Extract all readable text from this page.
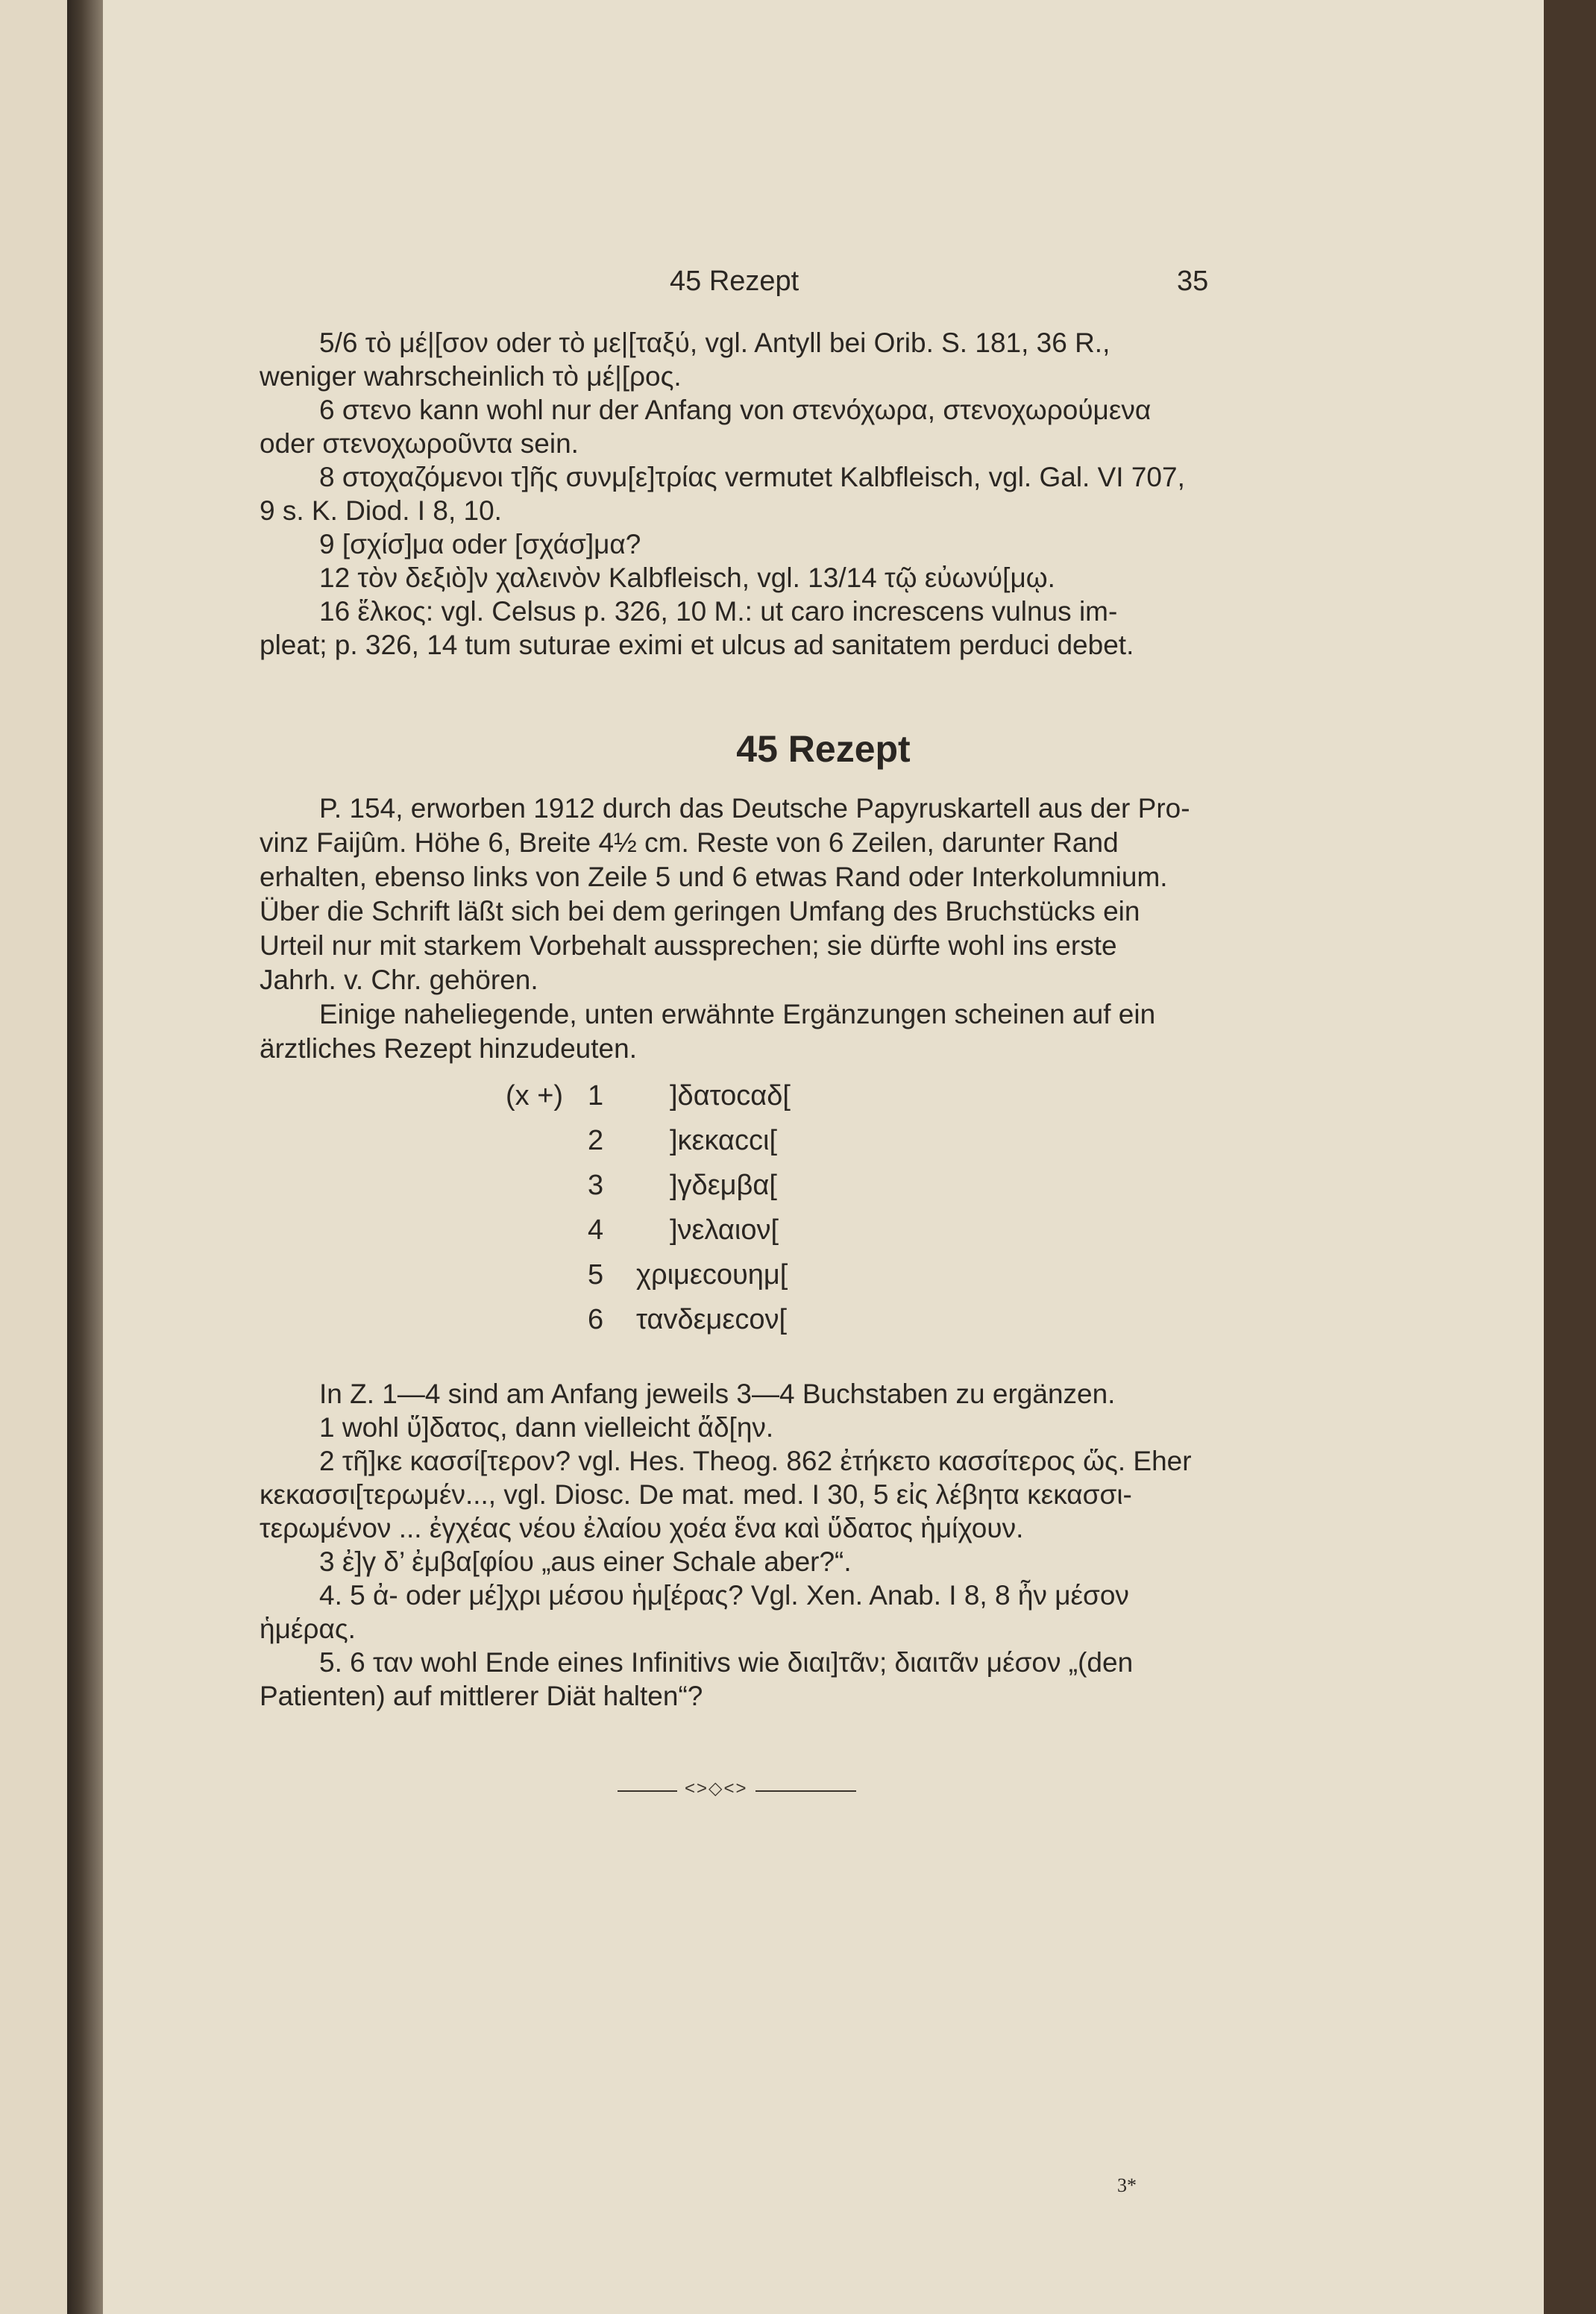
45 Rezept	35
5/6 τὸ μέ|[σον oder τὸ με|[ταξύ, vgl. Antyll bei Orib. S. 181, 36 R.,
weniger wahrscheinlich τὸ μέ|[ρος.
6 στενο kann wohl nur der Anfang von στενόχωρα, στενοχωρούμενα
oder στενοχωροῦντα sein.
8 στοχαζόμενοι τ]ῆς συνμ[ε]τρίας vermutet Kalbfleisch, vgl. Gal. VI 707,
9 s. K. Diod. I 8, 10.
9 [σχίσ]μα oder [σχάσ]μα?
12 τὸν δεξιὸ]ν χαλεινὸν Kalbfleisch, vgl. 13/14 τῷ εὐωνύ[μῳ.
16 ἕλκος: vgl. Celsus p. 326, 10 M.: ut caro increscens vulnus im-
pleat; p. 326, 14 tum suturae eximi et ulcus ad sanitatem perduci debet.
45 Rezept
P. 154, erworben 1912 durch das Deutsche Papyruskartell aus der Pro-
vinz Faijûm. Höhe 6, Breite 4½ cm. Reste von 6 Zeilen, darunter Rand
erhalten, ebenso links von Zeile 5 und 6 etwas Rand oder Interkolumnium.
Über die Schrift läßt sich bei dem geringen Umfang des Bruchstücks ein
Urteil nur mit starkem Vorbehalt aussprechen; sie dürfte wohl ins erste
Jahrh. v. Chr. gehören.
Einige naheliegende, unten erwähnte Ergänzungen scheinen auf ein
ärztliches Rezept hinzudeuten.
(x +) 1 ]δατοcαδ[
2 ]κεκαccι[
3 ]γδεμβα[
4 ]νελαιον[
5 χριμεcουημ[
6 ταvδεμεcον[
In Z. 1—4 sind am Anfang jeweils 3—4 Buchstaben zu ergänzen.
1 wohl ὕ]δατος, dann vielleicht ἄδ[ην.
2 τῆ]κε κασσί[τερον? vgl. Hes. Theog. 862 ἐτήκετο κασσίτερος ὥς. Eher
κεκασσι[τερωμέν..., vgl. Diosc. De mat. med. I 30, 5 εἰς λέβητα κεκασσι-
τερωμένον ... ἐγχέας νέου ἐλαίου χοέα ἕνα καὶ ὕδατος ἡμίχουν.
3 ἐ]γ δ’ ἐμβα[φίου „aus einer Schale aber?“.
4. 5 ἀ- oder μέ]χρι μέσου ἡμ[έρας? Vgl. Xen. Anab. I 8, 8 ἦν μέσον
ἡμέρας.
5. 6 ταν wohl Ende eines Infinitivs wie διαι]τᾶν; διαιτᾶν μέσον „(den
Patienten) auf mittlerer Diät halten“?
<>◇<>
3*
